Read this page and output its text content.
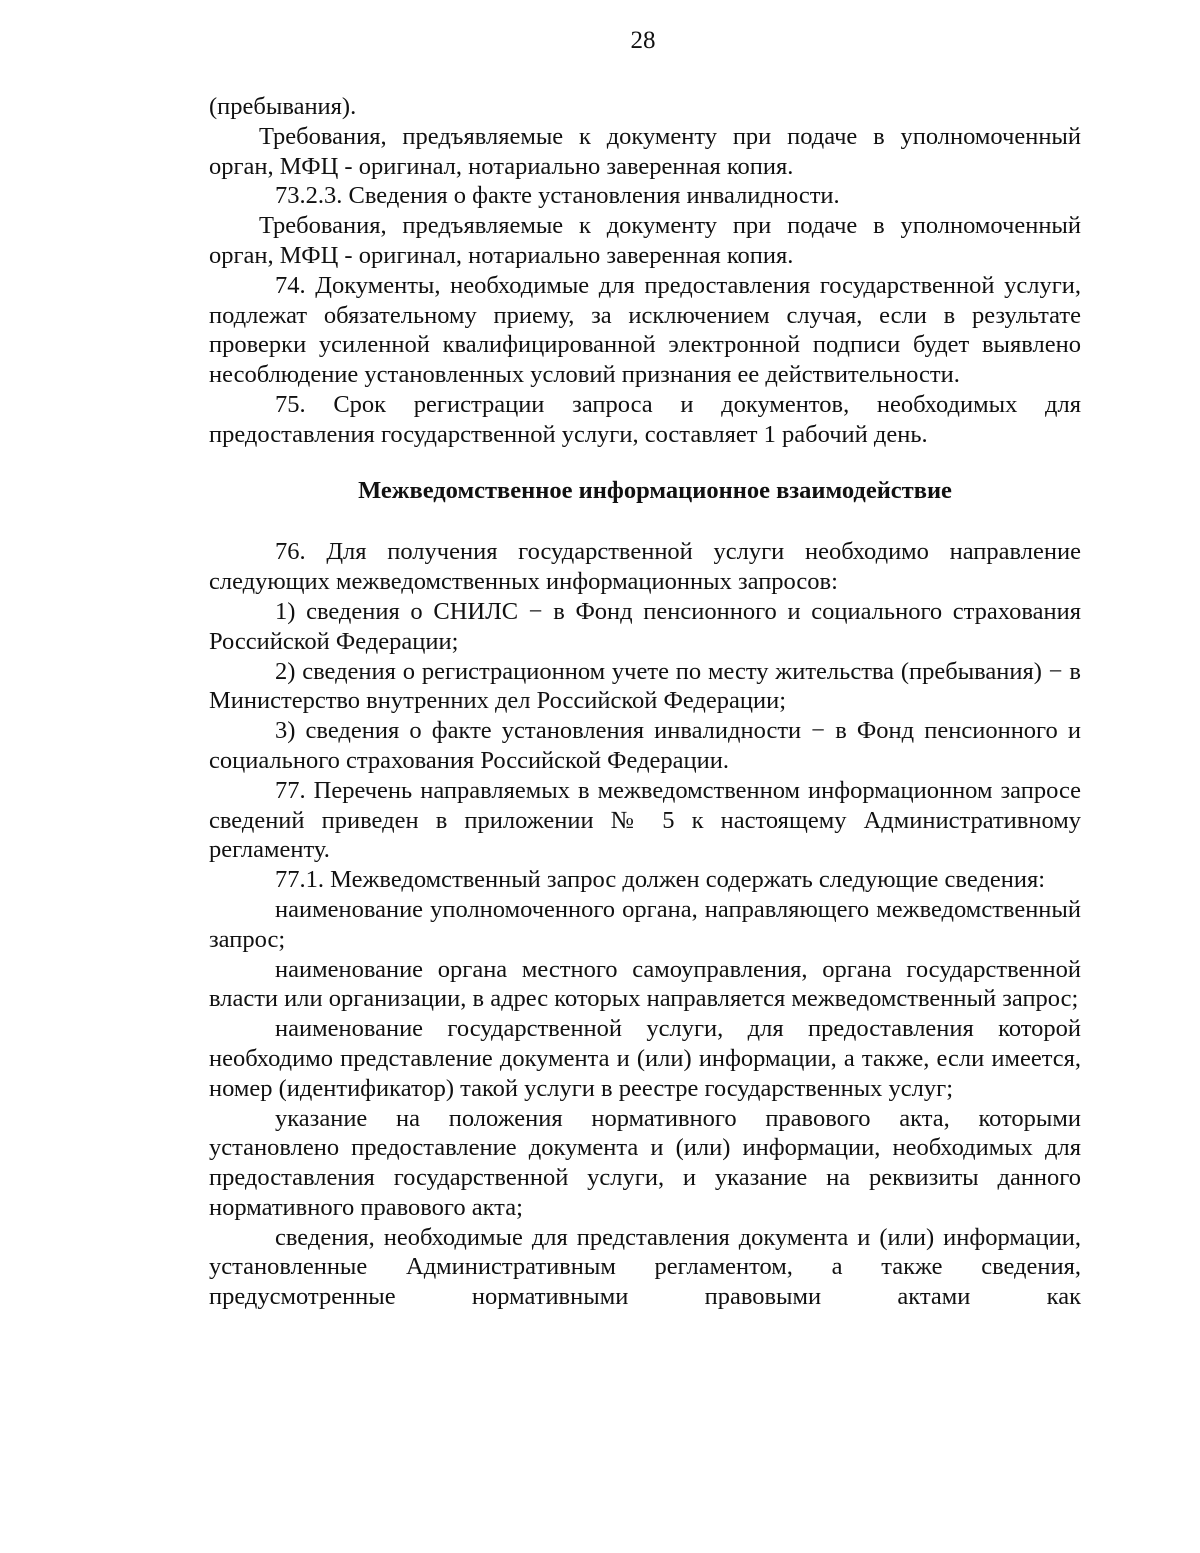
28

(пребывания).

Требования, предъявляемые к документу при подаче в уполномоченный орган, МФЦ - оригинал, нотариально заверенная копия.

73.2.3. Сведения о факте установления инвалидности.

Требования, предъявляемые к документу при подаче в уполномоченный орган, МФЦ - оригинал, нотариально заверенная копия.

74. Документы, необходимые для предоставления государственной услуги, подлежат обязательному приему, за исключением случая, если в результате проверки усиленной квалифицированной электронной подписи будет выявлено несоблюдение установленных условий признания ее действительности.

75. Срок регистрации запроса и документов, необходимых для предоставления государственной услуги, составляет 1 рабочий день.

Межведомственное информационное взаимодействие

76. Для получения государственной услуги необходимо направление следующих межведомственных информационных запросов:

1) сведения о СНИЛС − в Фонд пенсионного и социального страхования Российской Федерации;

2) сведения о регистрационном учете по месту жительства (пребывания) − в Министерство внутренних дел Российской Федерации;

3) сведения о факте установления инвалидности − в Фонд пенсионного и социального страхования Российской Федерации.

77. Перечень направляемых в межведомственном информационном запросе сведений приведен в приложении № 5 к настоящему Административному регламенту.

77.1. Межведомственный запрос должен содержать следующие сведения:

наименование уполномоченного органа, направляющего межведомственный запрос;

наименование органа местного самоуправления, органа государственной власти или организации, в адрес которых направляется межведомственный запрос;

наименование государственной услуги, для предоставления которой необходимо представление документа и (или) информации, а также, если имеется, номер (идентификатор) такой услуги в реестре государственных услуг;

указание на положения нормативного правового акта, которыми установлено предоставление документа и (или) информации, необходимых для предоставления государственной услуги, и указание на реквизиты данного нормативного правового акта;

сведения, необходимые для представления документа и (или) информации, установленные Административным регламентом, а также сведения, предусмотренные нормативными правовыми актами как
